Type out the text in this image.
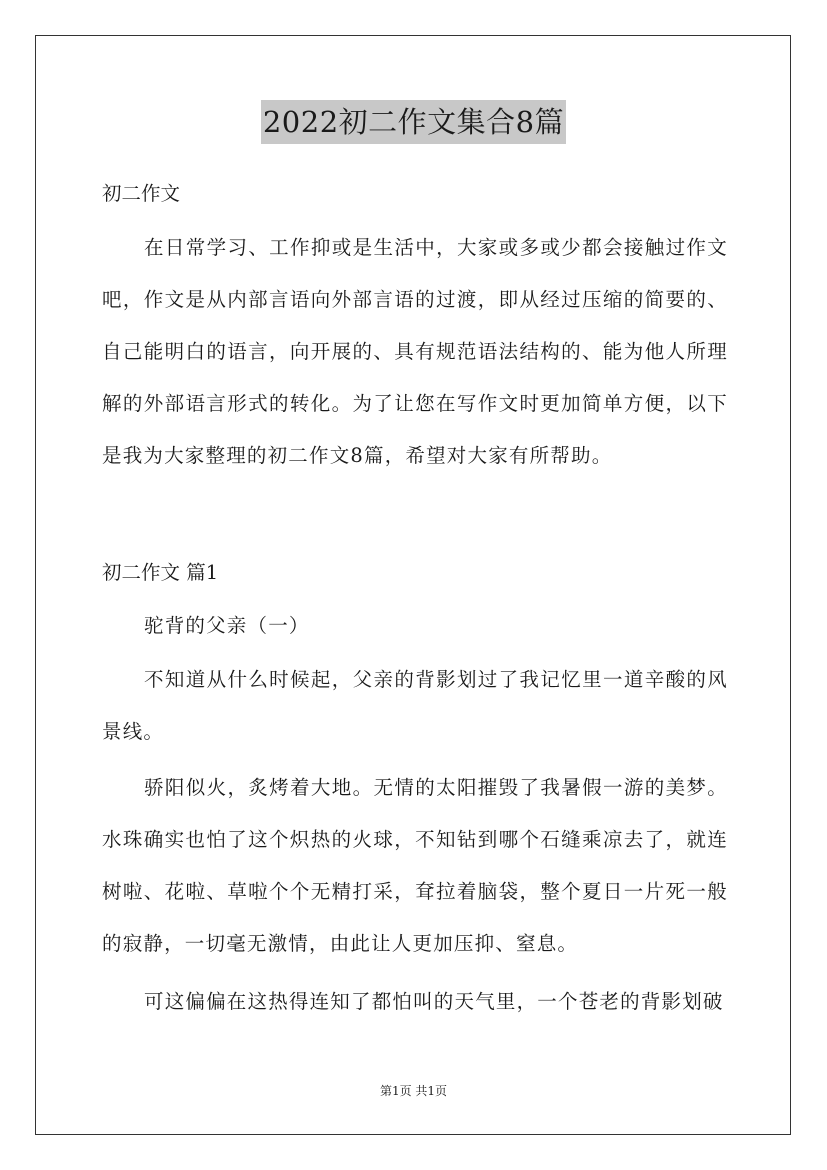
2022初二作文集合8篇
初二作文
在日常学习、工作抑或是生活中，大家或多或少都会接触过作文吧，作文是从内部言语向外部言语的过渡，即从经过压缩的简要的、自己能明白的语言，向开展的、具有规范语法结构的、能为他人所理解的外部语言形式的转化。为了让您在写作文时更加简单方便，以下是我为大家整理的初二作文8篇，希望对大家有所帮助。
初二作文 篇1
驼背的父亲（一）
不知道从什么时候起，父亲的背影划过了我记忆里一道辛酸的风景线。
骄阳似火，炙烤着大地。无情的太阳摧毁了我暑假一游的美梦。水珠确实也怕了这个炽热的火球，不知钻到哪个石缝乘凉去了，就连树啦、花啦、草啦个个无精打采，耷拉着脑袋，整个夏日一片死一般的寂静，一切毫无激情，由此让人更加压抑、窒息。
可这偏偏在这热得连知了都怕叫的天气里，一个苍老的背影划破
第1页 共1页
